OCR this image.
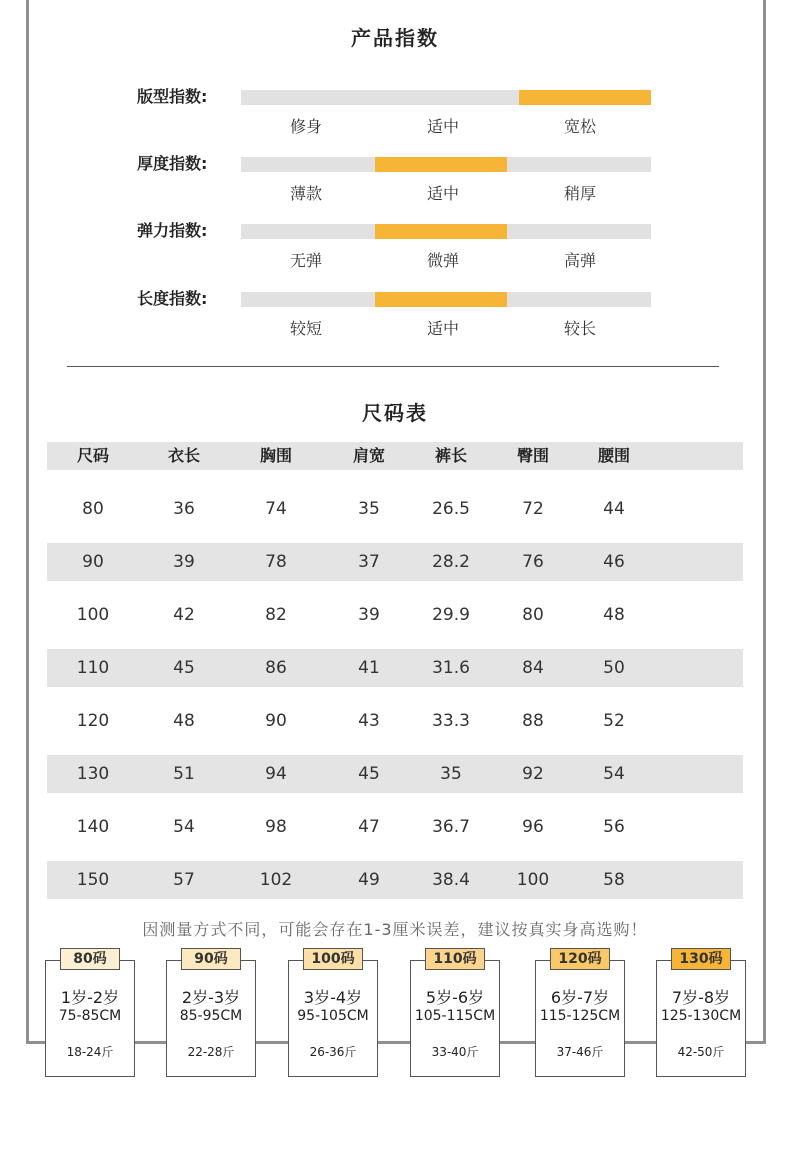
产品指数
版型指数:
修身	适中	宽松
厚度指数:
薄款	适中	稍厚
弹力指数:
无弹	微弹	高弹
长度指数:
较短	适中	较长
尺码表
尺码	衣长	胸围	肩宽	裤长	臀围	腰围
80	36	74	35	26.5	72	44
90	39	78	37	28.2	76	46
100	42	82	39	29.9	80	48
110	45	86	41	31.6	84	50
120	48	90	43	33.3	88	52
130	51	94	45	35	92	54
140	54	98	47	36.7	96	56
150	57	102	49	38.4	100	58
因测量方式不同，可能会存在1-3厘米误差，建议按真实身高选购！
1岁-2岁
75-85CM
18-24斤
80码
2岁-3岁
85-95CM
22-28斤
90码
3岁-4岁
95-105CM
26-36斤
100码
5岁-6岁
105-115CM
33-40斤
110码
6岁-7岁
115-125CM
37-46斤
120码
7岁-8岁
125-130CM
42-50斤
130码
